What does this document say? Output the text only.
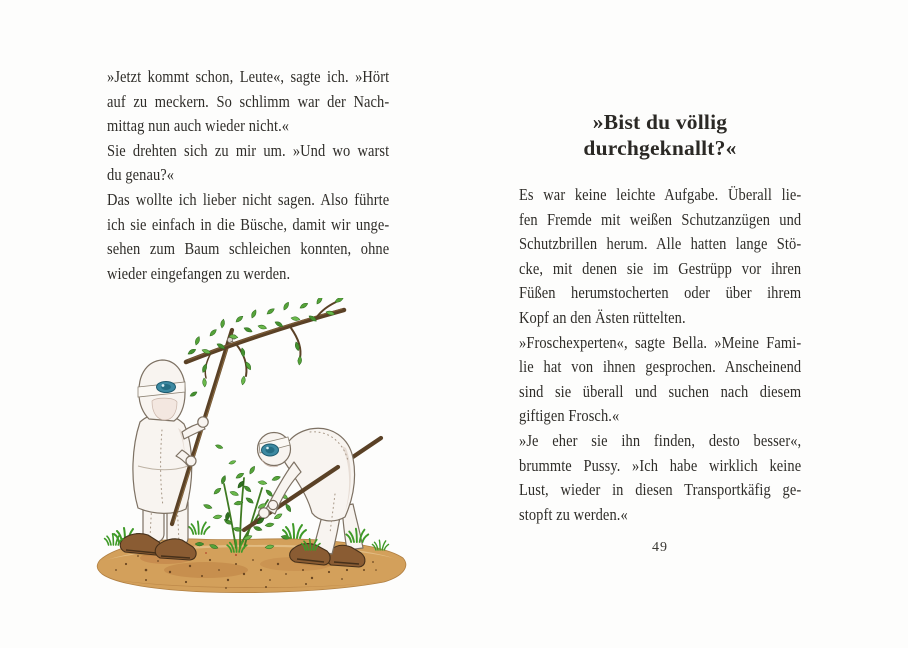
»Jetzt kommt schon, Leute«, sagte ich. »Hört
auf zu meckern. So schlimm war der Nach-
mittag nun auch wieder nicht.«
Sie drehten sich zu mir um. »Und wo warst
du genau?«
Das wollte ich lieber nicht sagen. Also führte
ich sie einfach in die Büsche, damit wir unge-
sehen zum Baum schleichen konnten, ohne
wieder eingefangen zu werden.
»Bist du völlig
durchgeknallt?«
Es war keine leichte Aufgabe. Überall lie-
fen Fremde mit weißen Schutzanzügen und
Schutzbrillen herum. Alle hatten lange Stö-
cke, mit denen sie im Gestrüpp vor ihren
Füßen herumstocherten oder über ihrem
Kopf an den Ästen rüttelten.
»Froschexperten«, sagte Bella. »Meine Fami-
lie hat von ihnen gesprochen. Anscheinend
sind sie überall und suchen nach diesem
giftigen Frosch.«
»Je eher sie ihn finden, desto besser«,
brummte Pussy. »Ich habe wirklich keine
Lust, wieder in diesen Transportkäfig ge-
stopft zu werden.«
49
